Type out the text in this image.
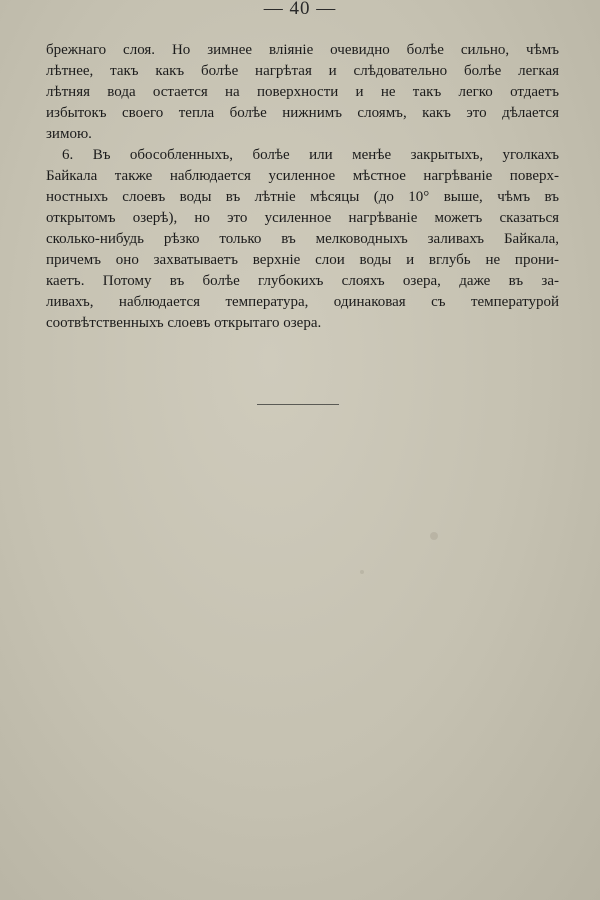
— 40 —
брежнаго слоя. Но зимнее вліяніе очевидно болѣе сильно, чѣмъ
лѣтнее, такъ какъ болѣе нагрѣтая и слѣдовательно болѣе легкая
лѣтняя вода остается на поверхности и не такъ легко отдаетъ
избытокъ своего тепла болѣе нижнимъ слоямъ, какъ это дѣлается
зимою.
6. Въ обособленныхъ, болѣе или менѣе закрытыхъ, уголкахъ
Байкала также наблюдается усиленное мѣстное нагрѣваніе поверх-
ностныхъ слоевъ воды въ лѣтніе мѣсяцы (до 10° выше, чѣмъ въ
открытомъ озерѣ), но это усиленное нагрѣваніе можетъ сказаться
сколько-нибудь рѣзко только въ мелководныхъ заливахъ Байкала,
причемъ оно захватываетъ верхніе слои воды и вглубь не прони-
каетъ. Потому въ болѣе глубокихъ слояхъ озера, даже въ за-
ливахъ, наблюдается температура, одинаковая съ температурой
соотвѣтственныхъ слоевъ открытаго озера.
